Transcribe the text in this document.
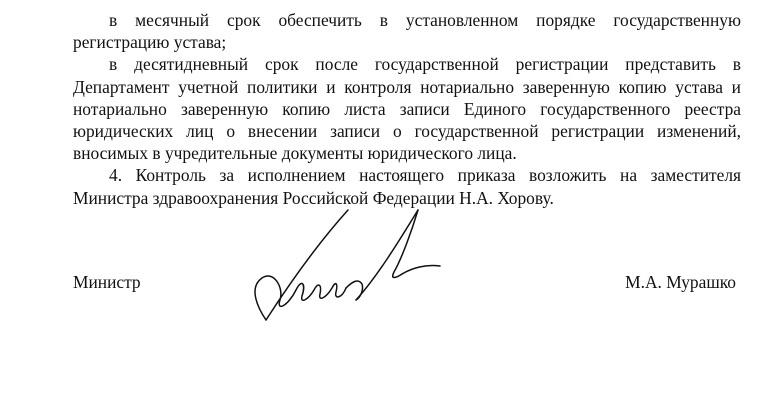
в месячный срок обеспечить в установленном порядке государственную регистрацию устава;

в десятидневный срок после государственной регистрации представить в Департамент учетной политики и контроля нотариально заверенную копию устава и нотариально заверенную копию листа записи Единого государственного реестра юридических лиц о внесении записи о государственной регистрации изменений, вносимых в учредительные документы юридического лица.

4. Контроль за исполнением настоящего приказа возложить на заместителя Министра здравоохранения Российской Федерации Н.А. Хорову.

Министр	М.А. Мурашко
